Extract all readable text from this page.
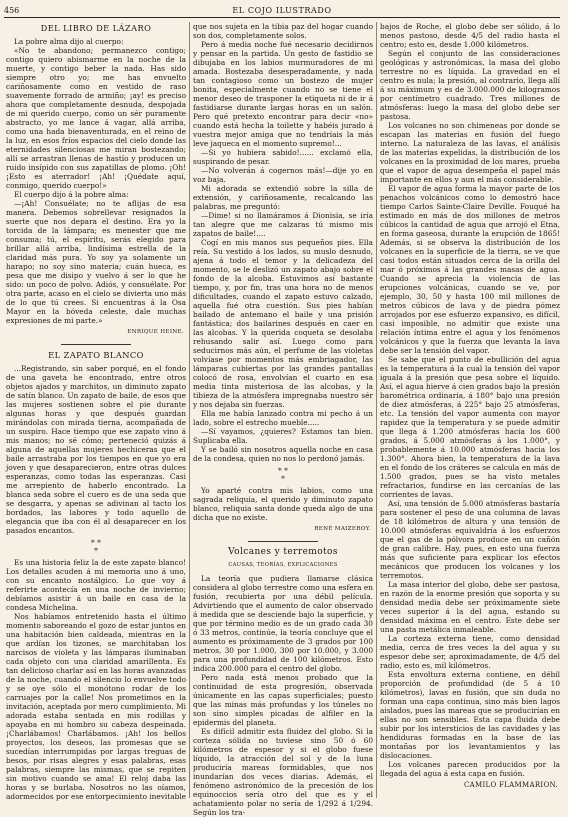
456	EL COJO ILUSTRADO
DEL LIBRO DE LÁZARO

La pobre alma dijo al cuerpo:

«No te abandono; permanezco contigo; contigo quiero abismarme en la noche de la muerte, y contigo beber la nada. Has sido siempre otro yo; me has envuelto cariñosamente como en vestido de raso suavemente forrado de armiño; ¡ay! es preciso ahora que completamente desnuda, despojada de mi querido cuerpo, como un sér puramente abstracto, yo me lance á vagar, allá arriba, como una hada bienaventurada, en el reino de la luz, en esos fríos espacios del cielo donde las eternidades silenciosas me miran bostezando; allí se arrastran llenas de hastío y producen un ruido insípido con sus zapatillas de plomo. ¡Oh! ¡Esto es aterrador! ¡Ah! ¡Quédate aquí, conmigo, querido cuerpo!»

El cuerpo dijo á la pobre alma:

—¡Ah! Consuélate; no te aflijas de esa manera. Debemos sobrellevar resignados la suerte que nos depara el destino. Era yo la torcida de la lámpara; es menester que me consuma; tú, el espíritu, serás elegido para brillar allá arriba, lindísima estrella de la claridad más pura. Yo soy ya solamente un harapo; no soy sino materia; cuán hueca, es pesa que me disipo y vuelvo á ser lo que he sido: un poco de polvo. Adiós, y consuélate. Por otra parte, acaso en el cielo se divierta uno más de lo que tú crees. Si encuentras á la Osa Mayor en la bóveda celeste, dale muchas expresiones de mi parte.»

ENRIQUE HEINE.
EL ZAPATO BLANCO

...Registrando, sin saber porqué, en el fondo de una gaveta he encontrado, entre otros objetos ajados y marchitos, un diminuto zapato de satín blanco. Un zapato de baile, de esos que las mujeres sostienen sobre el pie durante algunas horas y que después guardan mirándolas con mirada tierna, acompañada de un suspiro. Hace tiempo que ese zapato vino á mis manos; no sé cómo; perteneció quizás á alguna de aquellas mujeres hechiceras que el baile arrastraba por los tiempos en que yo era joven y que desaparecieron, entre otras dulces esperanzas, como todas las esperanzas. Casi me arrepiento de haberlo encontrado. La blanca seda sobre el cuero es de una seda que se desgarra, y apenas se adivinan al tacto los bordados, las labores y todo aquello de elegancia que iba con él al desaparecer en los pasados encantos.

* *
*

Es una historia feliz la de este zapato blanco! Los detalles acuden á mi memoria uno á uno, con su encanto nostálgico. Lo que voy á referirte acontecía en una noche de invierno; debíamos asistir á un baile en casa de la condesa Michelina.

Nos habíamos entretenido hasta el último momento saboreando el gozo de estar juntos en una habitación bien caldeada, mientras en la que ardían los tizones, se marchitaban los narcisos de violeta y las lámparas iluminaban cada objeto con una claridad amarillenta. Es tan delicioso charlar así en las horas avanzadas de la noche, cuando el silencio lo envuelve todo y se oye sólo el monótono rodar de los carruajes por la calle! Nos prometimos en la invitación, aceptada por mero cumplimiento. Mi adorada estaba sentada en mis rodillas y apoyaba en mi hombro su cabeza despeinada. ¡Charlábamos! Charlábamos. ¡Ah! los bellos proyectos, los deseos, las promesas que se sucedían interrumpidas por largas treguas de besos, por risas alegres y esas palabras, esas palabras, siempre las mismas, que se repiten sin motivo cuando se ama! El reloj daba las horas y se burlaba. Nosotros no las oíamos, adormecidos por ese entorpecimiento inevitable

que nos sujeta en la tibia paz del hogar cuando son dos, completamente solos.

Pero á media noche fué necesario decidirnos y pensar en la partida. Un gesto de fastidio se dibujaba en los labios murmuradores de mi amada. Bostezaba desesperadamente, y nada tan contagioso como un bostezo de mujer bonita, especialmente cuando no se tiene el menor deseo de trasponer la etiqueta ni de ir á fastidiarse durante largas horas en un salón. Pero qué pretexto encontrar para decir «no» cuando está hecha la toilette y habéis jurado á vuestra mejor amiga que no tendríais la más leve jaqueca en el momento supremo!...

—Si yo hubiera sabido!...... exclamó ella, suspirando de pesar.

—No volverán á cogernos más!—dije yo en voz baja.

Mi adorada se extendió sobre la silla de extensión, y cariñosamente, recalcando las palabras, me preguntó:

—Dime! si no llamáramos á Dionisia, se iría tan alegre que me calzaras tú mismo mis zapatos de baile!....

Cogí en mis manos sus pequeños pies. Ella reía. Su vestido á los lados, su muslo desnudo, ajena á todo el temor y la delicadeza del momento, se le deslizó un zapato abajo sobre el fondo de la alcoba. Estuvimos así bastante tiempo, y, por fin, tras una hora no de menos dificultades, cuando el zapato estuvo calzado, aquella fué otra cuestión. Sus pies habían bailado de antemano el baile y una prisión fantástica; dos bailarines después en caer en las alcobas. Y la querida coqueta se desolaba rehusando salir así. Luego como para seducirnos más aún, el perfume de las violetas volvíase por momentos más embriagador, las lámparas cubiertas por las grandes pantallas colocó de rosa, envolvían el cuarto en esa media tinta misteriosa de las alcobas, y la tibieza de la atmósfera impregnaba nuestro sér y nos dejaba sin fuerzas.

Ella me había lanzado contra mi pecho á un lado, sobre el estrecho mueble.....

—Sí vayamos, ¿quieres? Estamos tan bien. Suplicaba ella.

Y se bailó sin nosotros aquella noche en casa de la condesa, quien no nos lo perdonó jamás.

* *
*

Yo aparté contra mis labios, como una sagrada reliquia, el querido y diminuto zapato blanco, reliquia santa donde queda algo de una dicha que no existe.

RENÉ MAIZEROY.
Volcanes y terremotos
CAUSAS, TEORÍAS, EXPLICACIONES

La teoría que pudiera llamarse clásica considera al globo terrestre como una esfera en fusión, recubierta por una débil película. Advirtiendo que el aumento de calor observado á medida que se desciende bajo la superficie, y que por término medio es de un grado cada 30 ó 33 metros, continúe, la teoría concluye que el aumento es próximamente de 3 grados por 100 metros, 30 por 1.000, 300 por 10.000, y 3.000 para una profundidad de 100 kilómetros. Esto indica 200.000 para el centro del globo.

Pero nada está menos probado que la continuidad de esta progresión, observada únicamente en las capas superficiales; puesto que las minas más profundas y los túneles no son sino simples picadas de alfiler en la epidermis del planeta.

Es difícil admitir esta fluidez del globo. Si la corteza sólida no tuviese sino 50 ó 60 kilómetros de espesor y si el globo fuese líquido, la atracción del sol y de la luna produciría mareas formidables, que nos inundarían dos veces diarias. Además, el fenómeno astronómico de la precesión de los equinoccios sería otro del que es y el achatamiento polar no sería de 1/292 á 1/294. Según los tra-

bajos de Roche, el globo debe ser sólido, á lo menos pastoso, desde 4/5 del radio hasta el centro; esto es, desde 1.000 kilómetros.

Según el conjunto de las consideraciones geológicas y astronómicas, la masa del globo terrestre no es líquida. La gravedad en el centro es nula; la presión, al contrario, llega allí á su máximum y es de 3.000.000 de kilogramos por centímetro cuadrado. Tres millones de atmósferas: luego la masa del globo debe ser pastosa.

Los volcanes no son chimeneas por donde se escapan las materias en fusión del fuego interno. La naturaleza de las lavas, el análisis de las materias expelidas, la distribución de los volcanes en la proximidad de los mares, prueba que el vapor de agua desempeña el papel más importante en ellos y aun el más considerable.

El vapor de agua forma la mayor parte de los penachos volcánicos como lo demostró hace tiempo Carlos Sainte-Claire Deville. Fouqué ha estimado en más de dos millones de metros cúbicos la cantidad de agua que arrojó el Etna, en forma gaseosa, durante la erupción de 1865! Además, si se observa la distribución de los volcanes en la superficie de la tierra, se ve que casi todos están situados cerca de la orilla del mar ó próximos á las grandes masas de agua. Cuando se aprecia la violencia de las erupciones volcánicas, cuando se ve, por ejemplo, 30, 50 y hasta 100 mil millones de metros cúbicos de lava y de piedra pómez arrojados por ese esfuerzo expansivo, es difícil, casi imposible, no admitir que existe una relación íntima entre el agua y los fenómenos volcánicos y que la fuerza que levanta la lava debe ser la tensión del vapor.

Se sabe que el punto de ebullición del agua es la temperatura á la cual la tensión del vapor iguala á la presión que pesa sobre el líquido. Así, el agua hierve á cien grados bajo la presión barométrica ordinaria, á 180° bajo una presión de diez atmósferas, á 225° bajo 25 atmósferas, etc. La tensión del vapor aumenta con mayor rapidez que la temperatura y se puede admitir que llega á 1.200 atmósferas hacia los 600 grados, á 5.000 atmósferas á los 1.000°, y probablemente á 10.000 atmósferas hacia los 1.300°. Ahora bien, la temperatura de la lava en el fondo de los cráteres se calcula en más de 1.500 grados, pues se ha visto metales refractarios, fundirse en las cercanías de las corrientes de lavas.

Así, una tensión de 5.000 atmósferas bastaría para sostener el peso de una columna de lavas de 18 kilómetros de altura y una tensión de 10.000 atmósferas equivaldría á los esfuerzos que el gas de la pólvora produce en un cañón de gran calibre. Hay, pues, en esto una fuerza más que suficiente para explicar los efectos mecánicos que producen los volcanes y los terremotos.

La masa interior del globo, debe ser pastosa, en razón de la enorme presión que soporta y su densidad media debe ser próximamente siete veces superior á la del agua, estando su densidad máxima en el centro. Este debe ser una pasta metálica inmaleable.

La corteza externa tiene, como densidad media, cerca de tres veces la del agua y su espesor debe ser, aproximadamente, de 4/5 del radio, esto es, mil kilómetros.

Esta envoltura externa contiene, en débil proporción de profundidad (de 5 á 10 kilómetros), lavas en fusión, que sin duda no forman una capa continua, sino más bien lagos aislados, pues las mareas que se producirían en ellas no son sensibles. Esta capa fluida debe subir por los intersticios de las cavidades y las hendiduras formadas en la base de las montañas por los levantamientos y las dislocaciones.

Los volcanes parecen producidos por la llegada del agua á esta capa en fusión.

CAMILO FLAMMARION.
